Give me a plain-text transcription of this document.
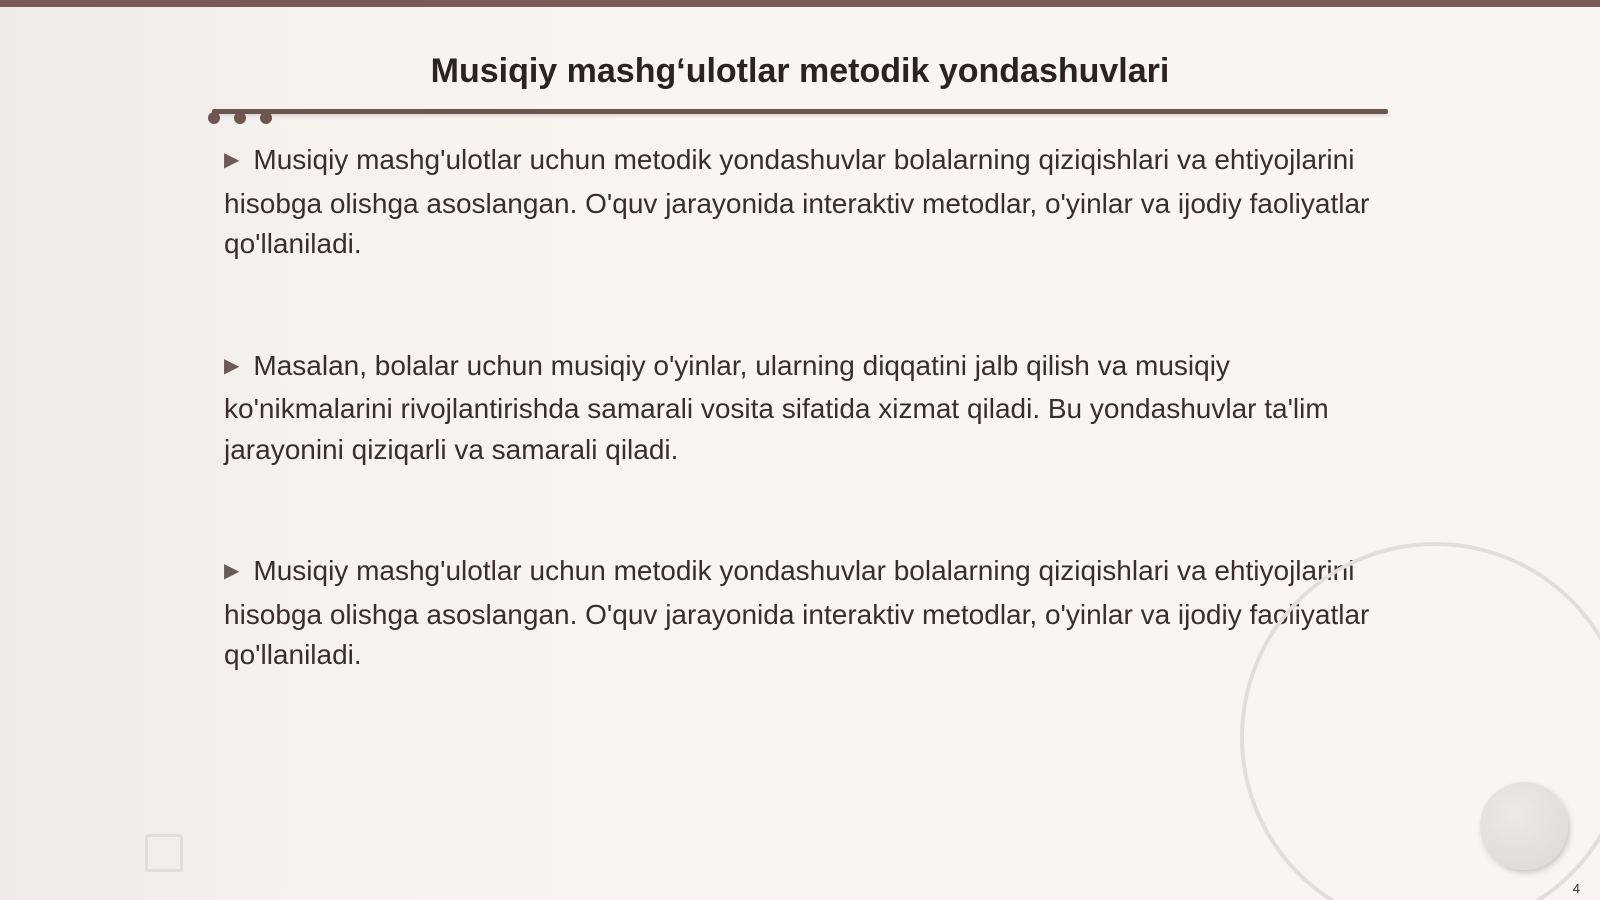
Musiqiy mashg‘ulotlar metodik yondashuvlari

▶ Musiqiy mashg'ulotlar uchun metodik yondashuvlar bolalarning qiziqishlari va ehtiyojlarini hisobga olishga asoslangan. O'quv jarayonida interaktiv metodlar, o'yinlar va ijodiy faoliyatlar qo'llaniladi.

▶ Masalan, bolalar uchun musiqiy o'yinlar, ularning diqqatini jalb qilish va musiqiy ko'nikmalarini rivojlantirishda samarali vosita sifatida xizmat qiladi. Bu yondashuvlar ta'lim jarayonini qiziqarli va samarali qiladi.

▶ Musiqiy mashg'ulotlar uchun metodik yondashuvlar bolalarning qiziqishlari va ehtiyojlarini hisobga olishga asoslangan. O'quv jarayonida interaktiv metodlar, o'yinlar va ijodiy faoliyatlar qo'llaniladi.

4
